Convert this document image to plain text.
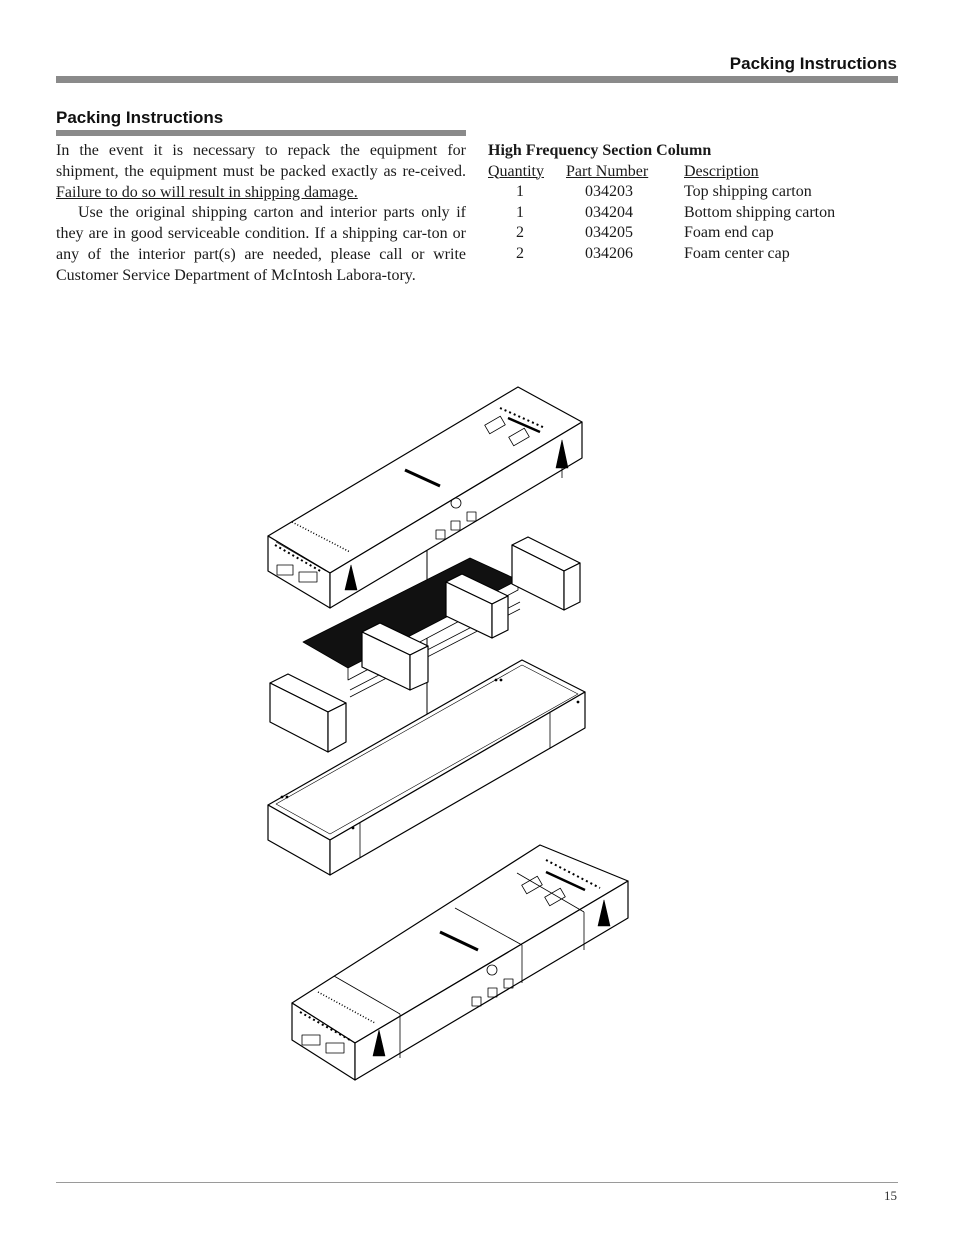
Packing Instructions
Packing Instructions

In the event it is necessary to repack the equipment for shipment, the equipment must be packed exactly as re-ceived. Failure to do so will result in shipping damage.

Use the original shipping carton and interior parts only if they are in good serviceable condition. If a shipping car-ton or any of the interior part(s) are needed, please call or write Customer Service Department of McIntosh Labora-tory.

High Frequency Section Column
Quantity Part Number Description
1	034203	Top shipping carton
1	034204	Bottom shipping carton
2	034205	Foam end cap
2	034206	Foam center cap
15
